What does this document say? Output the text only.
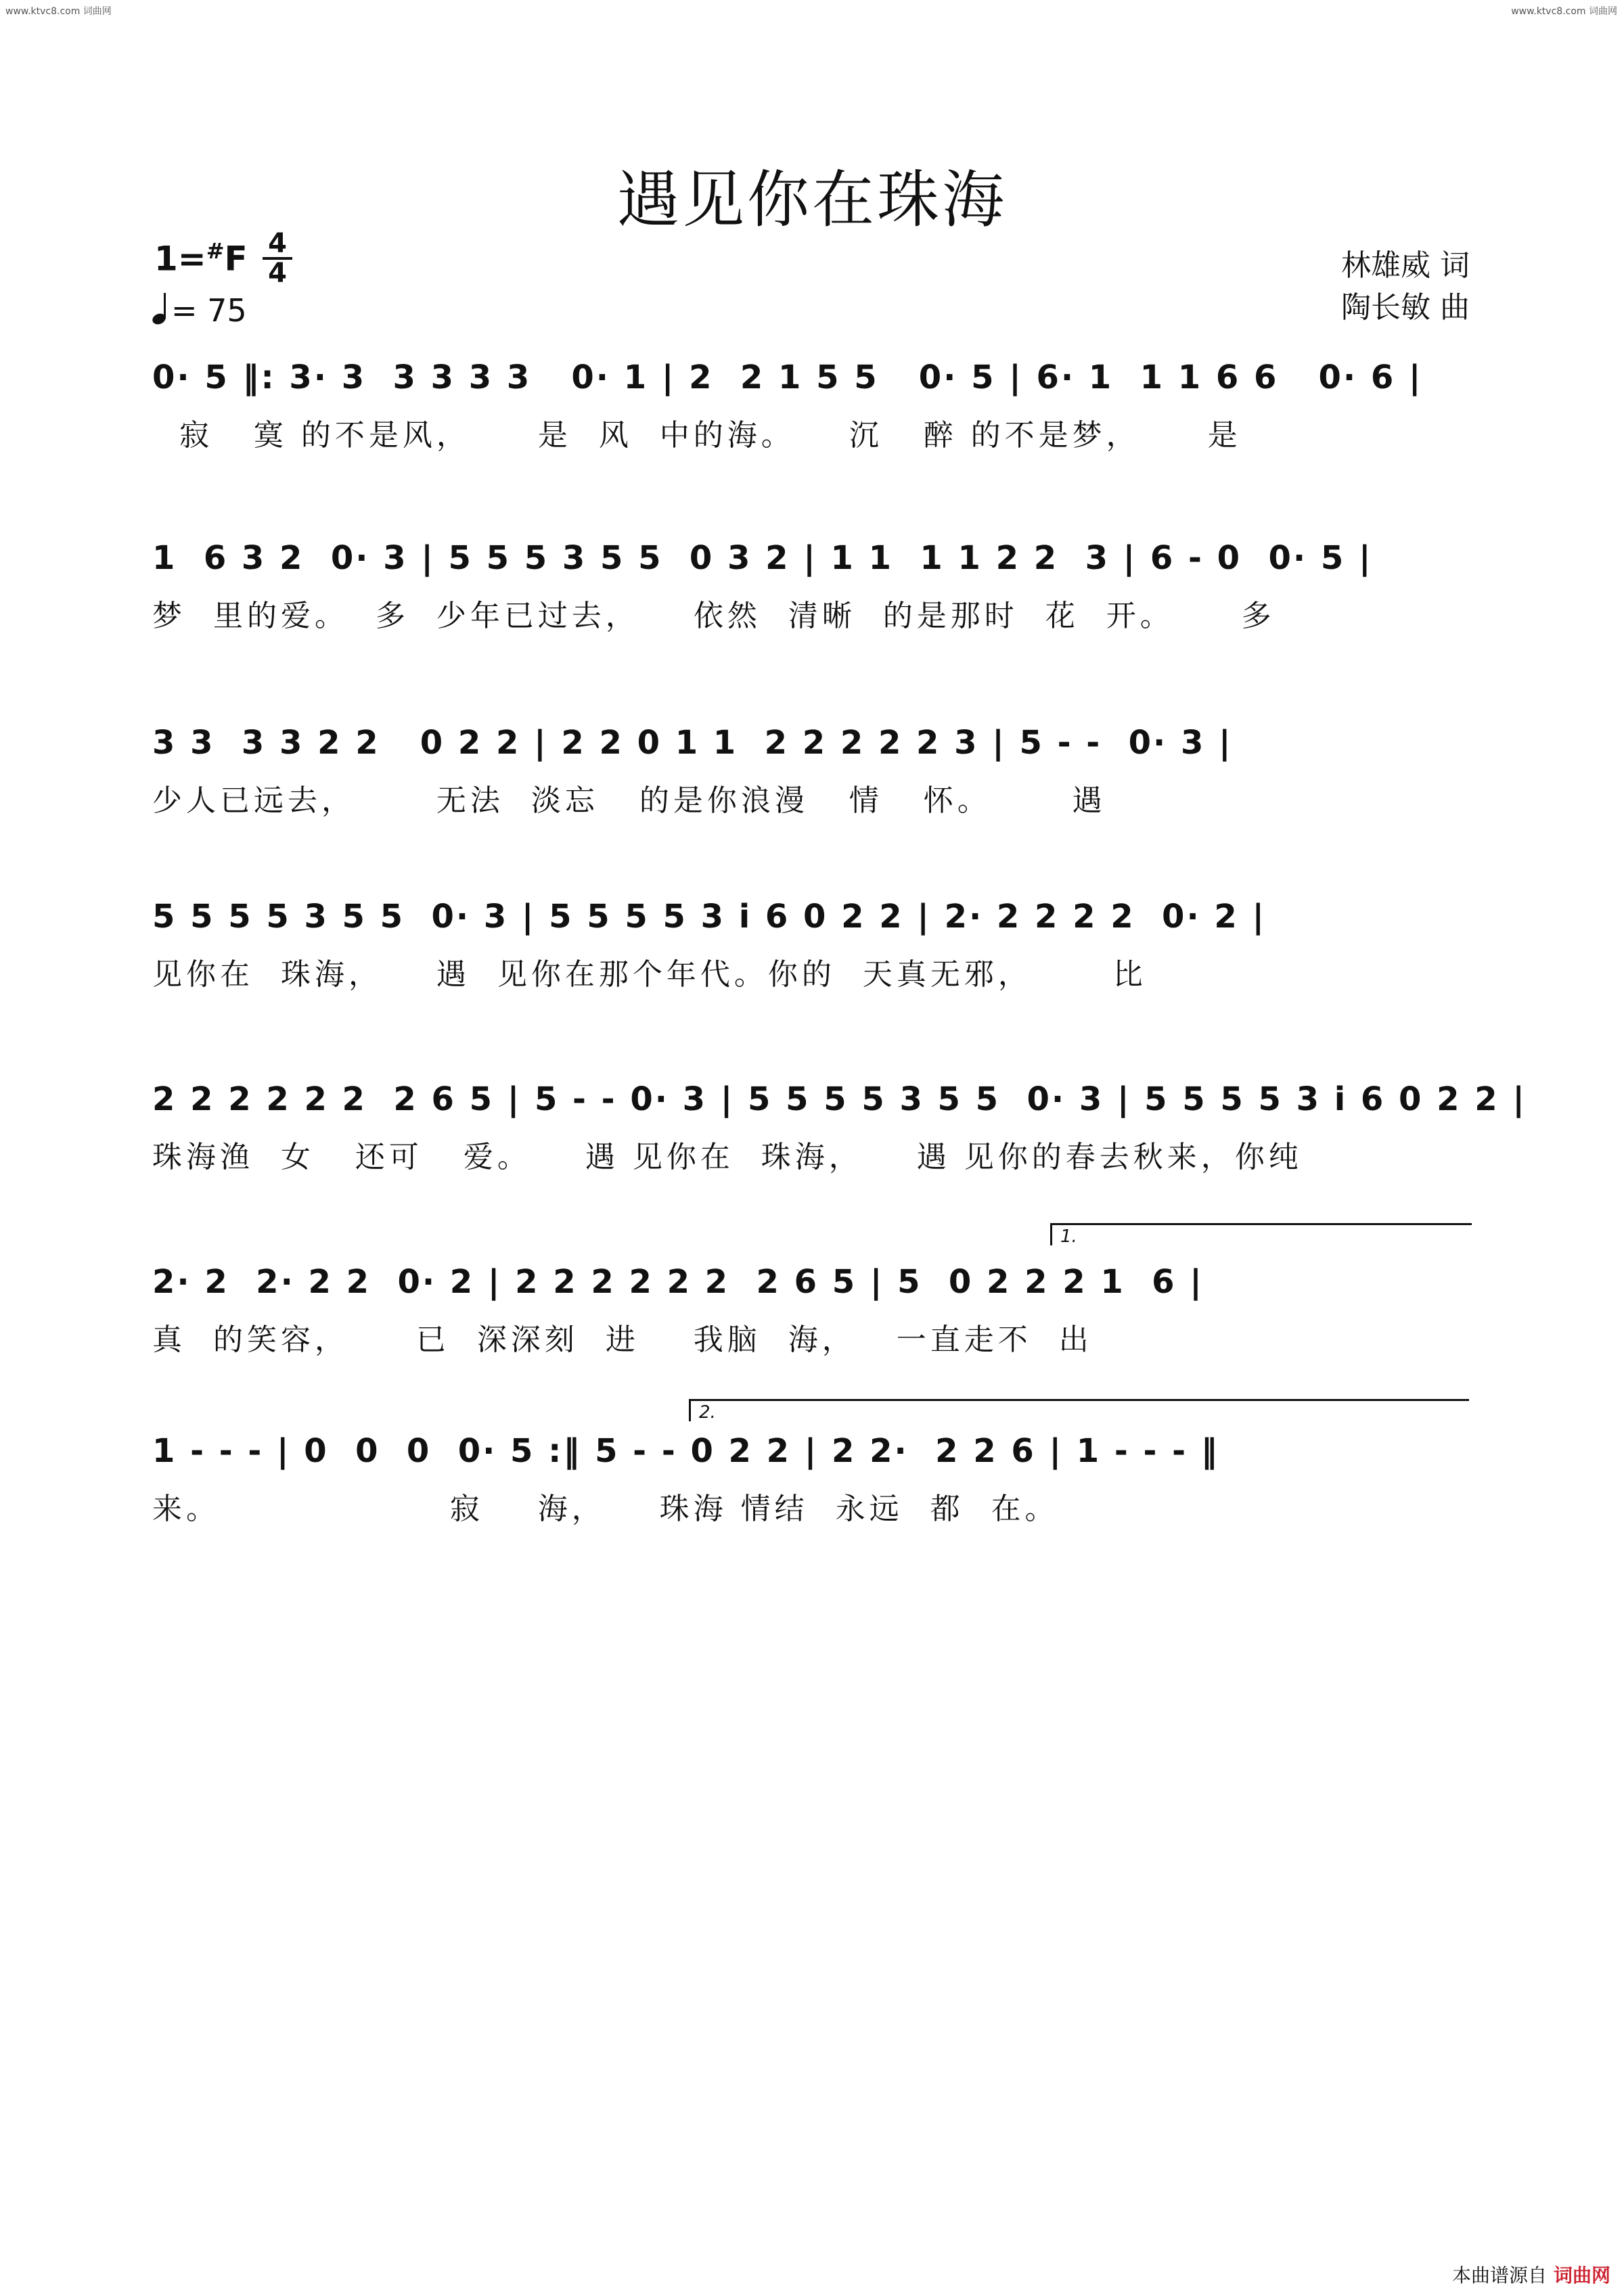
www.ktvc8.com 词曲网	www.ktvc8.com 词曲网
遇见你在珠海
1=#F 4
4
= 75
林雄威 词
陶长敏 曲
0· 5 ‖: 3· 3  3 3 3 3   0· 1 | 2  2 1 5 5   0· 5 | 6· 1  1 1 6 6   0· 6 |
寂   寞 的不是风，     是  风  中的海。    沉   醉 的不是梦，     是
1  6 3 2  0· 3 | 5 5 5 3 5 5  0 3 2 | 1 1  1 1 2 2  3 | 6 - 0  0· 5 |
梦  里的爱。  多  少年已过去，    依然  清晰  的是那时  花  开。     多
3 3  3 3 2 2   0 2 2 | 2 2 0 1 1  2 2 2 2 2 3 | 5 - -  0· 3 |
少人已远去，      无法  淡忘   的是你浪漫   情   怀。      遇
5 5 5 5 3 5 5  0· 3 | 5 5 5 5 3 i 6 0 2 2 | 2· 2 2 2 2  0· 2 |
见你在  珠海，    遇  见你在那个年代。你的  天真无邪，      比
2 2 2 2 2 2  2 6 5 | 5 - - 0· 3 | 5 5 5 5 3 5 5  0· 3 | 5 5 5 5 3 i 6 0 2 2 |
珠海渔  女   还可   爱。    遇 见你在  珠海，    遇 见你的春去秋来，你纯
1.
2· 2  2· 2 2  0· 2 | 2 2 2 2 2 2  2 6 5 | 5  0 2 2 2 1  6 |
真  的笑容，     已  深深刻  进    我脑  海，   一直走不  出
2.
1 - - - | 0  0  0  0· 5 :‖ 5 - - 0 2 2 | 2 2·  2 2 6 | 1 - - - ‖
来。                 寂    海，    珠海 情结  永远  都  在。
本曲谱源自 词曲网
